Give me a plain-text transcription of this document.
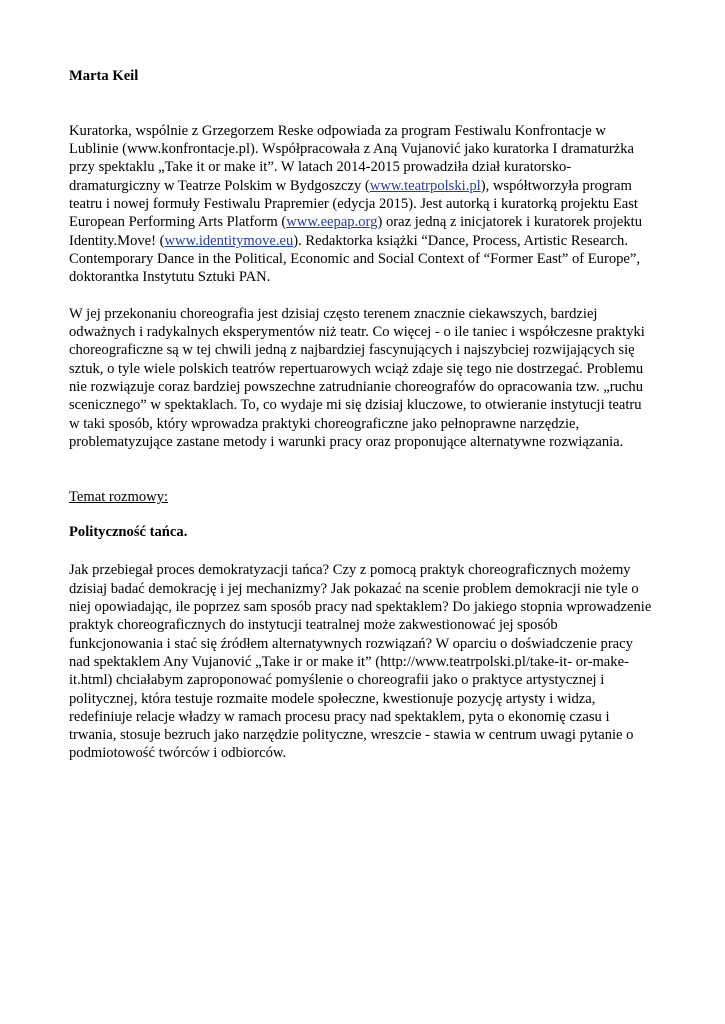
Marta Keil

Kuratorka, wspólnie z Grzegorzem Reske odpowiada za program Festiwalu Konfrontacje w
Lublinie (www.konfrontacje.pl). Współpracowała z Aną Vujanović jako kuratorka I dramaturżka
przy spektaklu „Take it or make it”. W latach 2014-2015 prowadziła dział kuratorsko-
dramaturgiczny w Teatrze Polskim w Bydgoszczy (www.teatrpolski.pl), współtworzyła program
teatru i nowej formuły Festiwalu Prapremier (edycja 2015). Jest autorką i kuratorką projektu East
European Performing Arts Platform (www.eepap.org) oraz jedną z inicjatorek i kuratorek projektu
Identity.Move! (www.identitymove.eu). Redaktorka książki “Dance, Process, Artistic Research.
Contemporary Dance in the Political, Economic and Social Context of “Former East” of Europe”,
doktorantka Instytutu Sztuki PAN.

W jej przekonaniu choreografia jest dzisiaj często terenem znacznie ciekawszych, bardziej
odważnych i radykalnych eksperymentów niż teatr. Co więcej - o ile taniec i współczesne praktyki
choreograficzne są w tej chwili jedną z najbardziej fascynujących i najszybciej rozwijających się
sztuk, o tyle wiele polskich teatrów repertuarowych wciąż zdaje się tego nie dostrzegać. Problemu
nie rozwiązuje coraz bardziej powszechne zatrudnianie choreografów do opracowania tzw. „ruchu
scenicznego” w spektaklach. To, co wydaje mi się dzisiaj kluczowe, to otwieranie instytucji teatru
w taki sposób, który wprowadza praktyki choreograficzne jako pełnoprawne narzędzie,
problematyzujące zastane metody i warunki pracy oraz proponujące alternatywne rozwiązania.
Temat rozmowy:
Polityczność tańca.
Jak przebiegał proces demokratyzacji tańca? Czy z pomocą praktyk choreograficznych możemy
dzisiaj badać demokrację i jej mechanizmy? Jak pokazać na scenie problem demokracji nie tyle o
niej opowiadając, ile poprzez sam sposób pracy nad spektaklem? Do jakiego stopnia wprowadzenie
praktyk choreograficznych do instytucji teatralnej może zakwestionować jej sposób
funkcjonowania i stać się źródłem alternatywnych rozwiązań? W oparciu o doświadczenie pracy
nad spektaklem Any Vujanović „Take ir or make it” (http://www.teatrpolski.pl/take-it- or-make-
it.html) chciałabym zaproponować pomyślenie o choreografii jako o praktyce artystycznej i
politycznej, która testuje rozmaite modele społeczne, kwestionuje pozycję artysty i widza,
redefiniuje relacje władzy w ramach procesu pracy nad spektaklem, pyta o ekonomię czasu i
trwania, stosuje bezruch jako narzędzie polityczne, wreszcie - stawia w centrum uwagi pytanie o
podmiotowość twórców i odbiorców.
